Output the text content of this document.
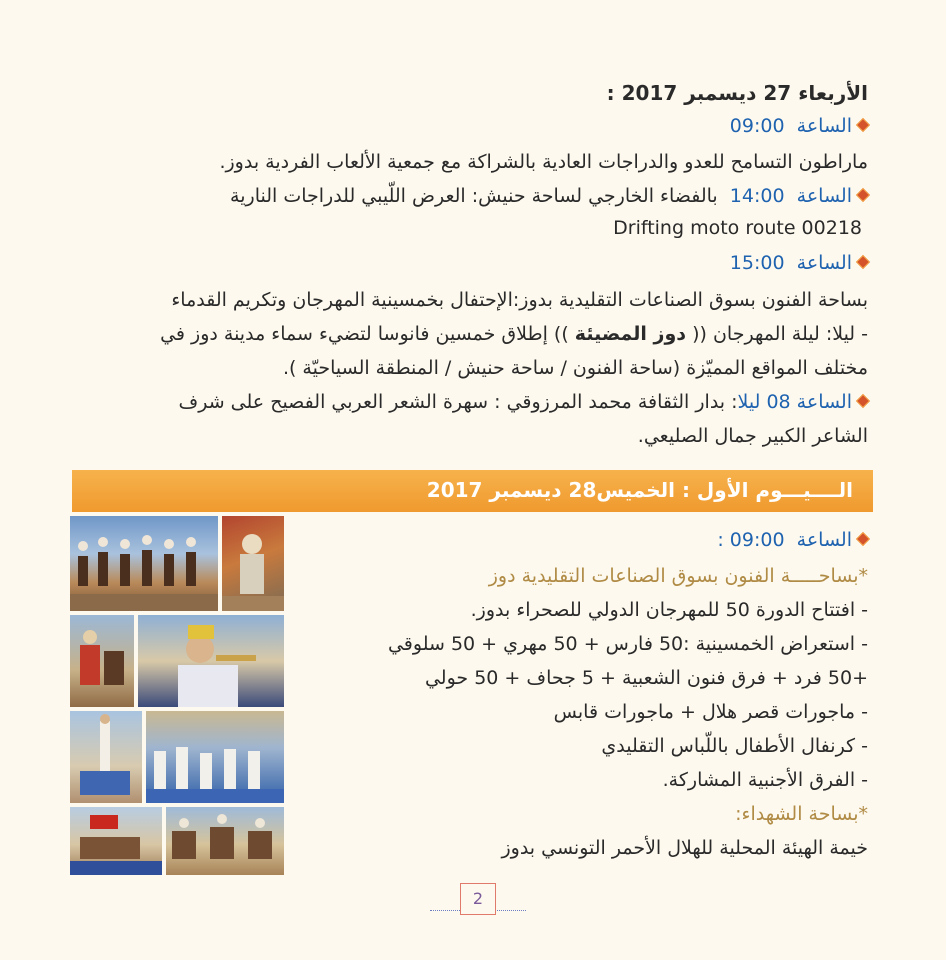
الأربعاء 27 ديسمبر 2017 :
الساعة  09:00
ماراطون التسامح للعدو والدراجات العادية بالشراكة مع جمعية الألعاب الفردية بدوز.
الساعة  14:00  بالفضاء الخارجي لساحة حنيش: العرض اللّيبي للدراجات النارية
Drifting moto route 00218
الساعة  15:00
بساحة الفنون بسوق الصناعات التقليدية بدوز:الإحتفال بخمسينية المهرجان وتكريم القدماء
- ليلا: ليلة المهرجان (( دوز المضيئة )) إطلاق خمسين فانوسا لتضيء سماء مدينة دوز في
مختلف المواقع المميّزة (ساحة الفنون / ساحة حنيش / المنطقة السياحيّة ).
الساعة 08 ليلا: بدار الثقافة محمد المرزوقي : سهرة الشعر العربي الفصيح على شرف
الشاعر الكبير جمال الصليعي.
الــــيـــوم الأول : الخميس28 ديسمبر 2017
الساعة  09:00 :
*بساحـــــة الفنون بسوق الصناعات التقليدية دوز
- افتتاح الدورة 50 للمهرجان الدولي للصحراء بدوز.
- استعراض الخمسينية :50 فارس + 50 مهري + 50 سلوقي
+50 فرد + فرق فنون الشعبية + 5 جحاف + 50 حولي
- ماجورات قصر هلال + ماجورات قابس
- كرنفال الأطفال باللّباس التقليدي
- الفرق الأجنبية المشاركة.
*بساحة الشهداء:
خيمة الهيئة المحلية للهلال الأحمر التونسي بدوز
2
